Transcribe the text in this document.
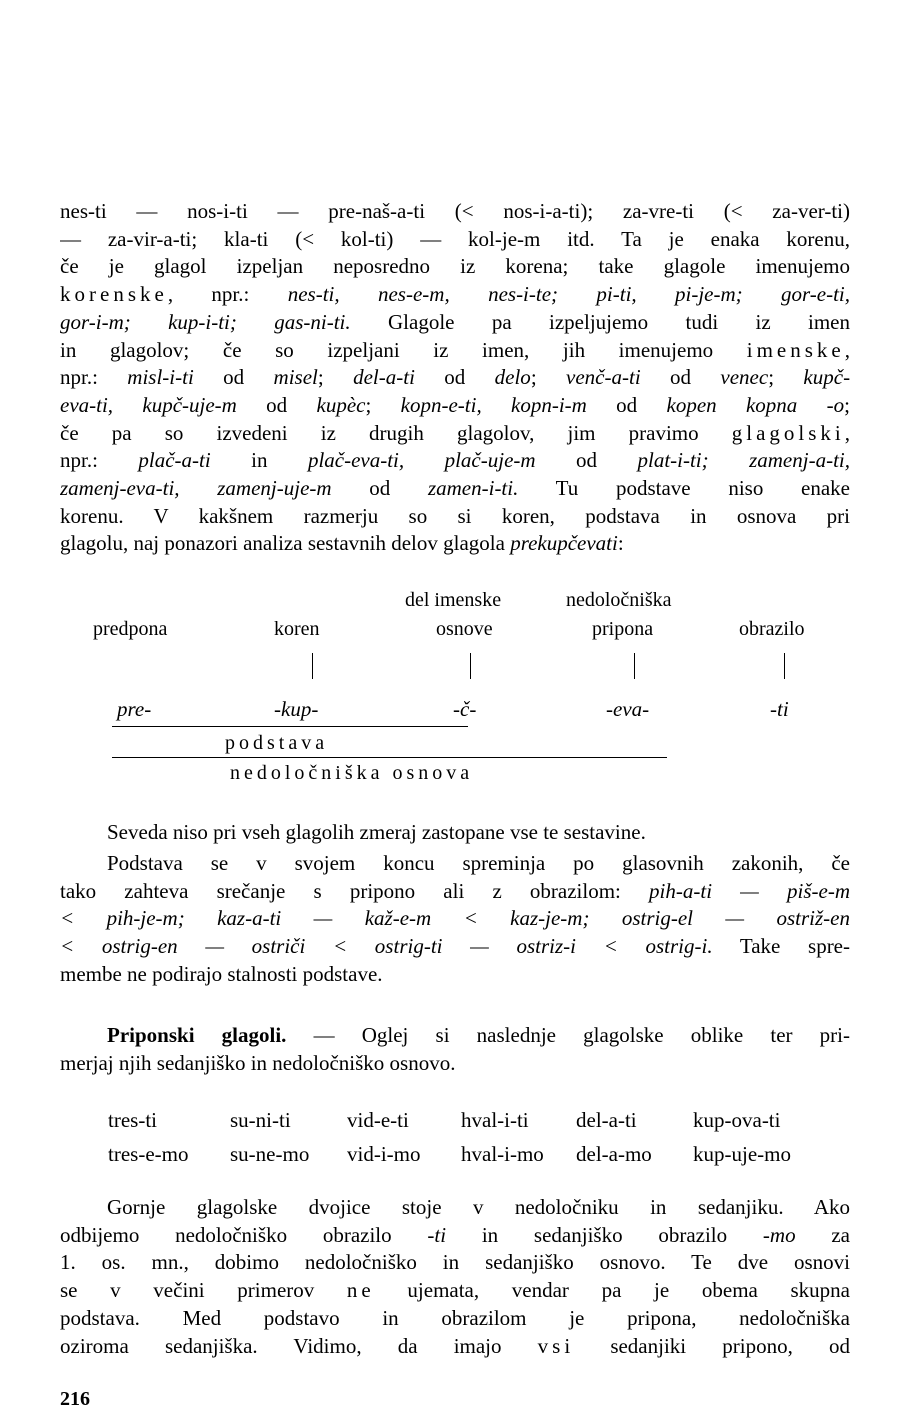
nes-ti — nos-i-ti — pre-naš-a-ti (< nos-i-a-ti); za-vre-ti (< za-ver-ti)
— za-vir-a-ti; kla-ti (< kol-ti) — kol-je-m itd. Ta je enaka korenu,
če je glagol izpeljan neposredno iz korena; take glagole imenujemo
korenske, npr.: nes-ti, nes-e-m, nes-i-te; pi-ti, pi-je-m; gor-e-ti,
gor-i-m; kup-i-ti; gas-ni-ti. Glagole pa izpeljujemo tudi iz imen
in glagolov; če so izpeljani iz imen, jih imenujemo imenske,
npr.: misl-i-ti od misel; del-a-ti od delo; venč-a-ti od venec; kupč-
eva-ti, kupč-uje-m od kupèc; kopn-e-ti, kopn-i-m od kopen kopna -o;
če pa so izvedeni iz drugih glagolov, jim pravimo glagolski,
npr.: plač-a-ti in plač-eva-ti, plač-uje-m od plat-i-ti; zamenj-a-ti,
zamenj-eva-ti, zamenj-uje-m od zamen-i-ti. Tu podstave niso enake
korenu. V kakšnem razmerju so si koren, podstava in osnova pri
glagolu, naj ponazori analiza sestavnih delov glagola prekupčevati:
del imenske	nedoločniška
predpona	koren	osnove	pripona	obrazilo
pre-	-kup-	-č-	-eva-	-ti
podstava
nedoločniška osnova
Seveda niso pri vseh glagolih zmeraj zastopane vse te sestavine.
Podstava se v svojem koncu spreminja po glasovnih zakonih, če
tako zahteva srečanje s pripono ali z obrazilom: pih-a-ti — piš-e-m
< pih-je-m; kaz-a-ti — kaž-e-m < kaz-je-m; ostrig-el — ostriž-en
< ostrig-en — ostriči < ostrig-ti — ostriz-i < ostrig-i. Take spre-
membe ne podirajo stalnosti podstave.
Priponski glagoli. — Oglej si naslednje glagolske oblike ter pri-
merjaj njih sedanjiško in nedoločniško osnovo.
tres-ti	su-ni-ti	vid-e-ti	hval-i-ti	del-a-ti	kup-ova-ti
tres-e-mo	su-ne-mo	vid-i-mo	hval-i-mo	del-a-mo	kup-uje-mo
Gornje glagolske dvojice stoje v nedoločniku in sedanjiku. Ako
odbijemo nedoločniško obrazilo -ti in sedanjiško obrazilo -mo za
1. os. mn., dobimo nedoločniško in sedanjiško osnovo. Te dve osnovi
se v večini primerov ne ujemata, vendar pa je obema skupna
podstava. Med podstavo in obrazilom je pripona, nedoločniška
oziroma sedanjiška. Vidimo, da imajo vsi sedanjiki pripono, od
216
